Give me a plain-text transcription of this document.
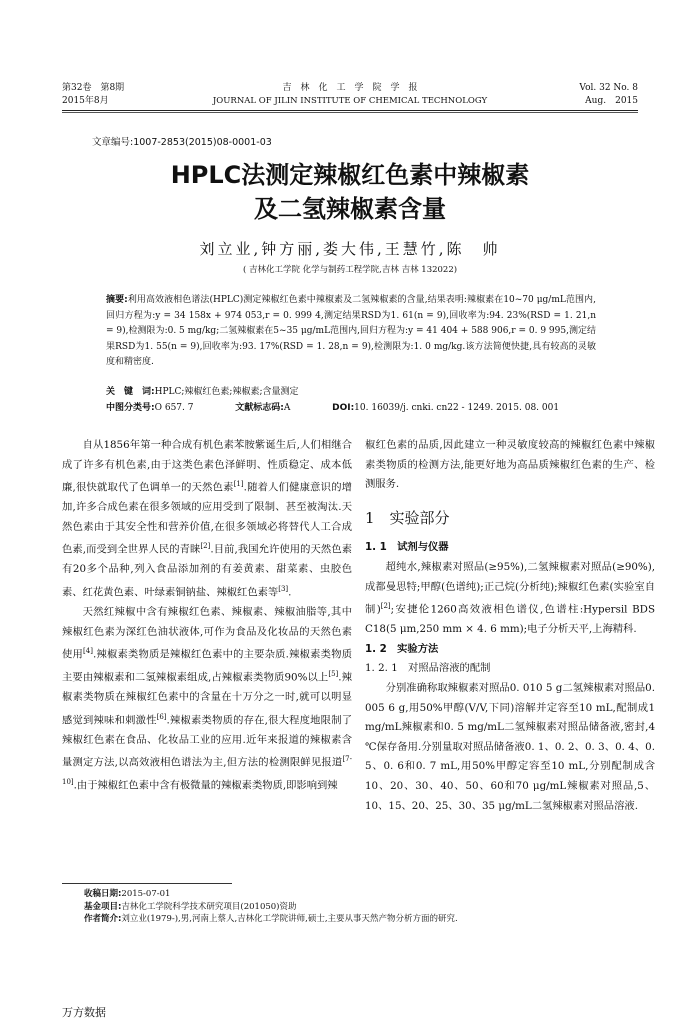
第32卷　第8期
2015年8月
吉　林　化　工　学　院　学　报
JOURNAL OF JILIN INSTITUTE OF CHEMICAL TECHNOLOGY
Vol. 32 No. 8
Aug.　2015
文章编号:1007-2853(2015)08-0001-03
HPLC法测定辣椒红色素中辣椒素
及二氢辣椒素含量
刘立业,钟方丽,娄大伟,王慧竹,陈　帅
( 吉林化工学院 化学与制药工程学院,吉林 吉林 132022)
摘要:利用高效液相色谱法(HPLC)测定辣椒红色素中辣椒素及二氢辣椒素的含量,结果表明:辣椒素在10~70 μg/mL范围内,回归方程为:y = 34 158x + 974 053,r = 0. 999 4,测定结果RSD为1. 61(n = 9),回收率为:94. 23%(RSD = 1. 21,n = 9),检测限为:0. 5 mg/kg;二氢辣椒素在5~35 μg/mL范围内,回归方程为:y = 41 404 + 588 906,r = 0. 9 995,测定结果RSD为1. 55(n = 9),回收率为:93. 17%(RSD = 1. 28,n = 9),检测限为:1. 0 mg/kg.该方法简便快捷,具有较高的灵敏度和精密度.
关　键　词:HPLC;辣椒红色素;辣椒素;含量测定
中图分类号:O 657. 7	文献标志码:A	DOI:10. 16039/j. cnki. cn22 - 1249. 2015. 08. 001

自从1856年第一种合成有机色素苯胺紫诞生后,人们相继合成了许多有机色素,由于这类色素色泽鲜明、性质稳定、成本低廉,很快就取代了色调单一的天然色素[1].随着人们健康意识的增加,许多合成色素在很多领域的应用受到了限制、甚至被淘汰.天然色素由于其安全性和营养价值,在很多领域必将替代人工合成色素,而受到全世界人民的青睐[2].目前,我国允许使用的天然色素有20多个品种,列入食品添加剂的有姜黄素、甜菜素、虫胶色素、红花黄色素、叶绿素铜钠盐、辣椒红色素等[3].

天然红辣椒中含有辣椒红色素、辣椒素、辣椒油脂等,其中辣椒红色素为深红色油状液体,可作为食品及化妆品的天然色素使用[4].辣椒素类物质是辣椒红色素中的主要杂质.辣椒素类物质主要由辣椒素和二氢辣椒素组成,占辣椒素类物质90%以上[5].辣椒素类物质在辣椒红色素中的含量在十万分之一时,就可以明显感觉到辣味和刺激性[6].辣椒素类物质的存在,很大程度地限制了辣椒红色素在食品、化妆品工业的应用.近年来报道的辣椒素含量测定方法,以高效液相色谱法为主,但方法的检测限鲜见报道[7-10].由于辣椒红色素中含有极微量的辣椒素类物质,即影响到辣

椒红色素的品质,因此建立一种灵敏度较高的辣椒红色素中辣椒素类物质的检测方法,能更好地为高品质辣椒红色素的生产、检测服务.
1　实验部分
1. 1　试剂与仪器

超纯水,辣椒素对照品(≥95%),二氢辣椒素对照品(≥90%),成都曼思特;甲醇(色谱纯);正己烷(分析纯);辣椒红色素(实验室自制)[2];安捷伦1260高效液相色谱仪,色谱柱:Hypersil BDS C18(5 μm,250 mm × 4. 6 mm);电子分析天平,上海精科.

1. 2　实验方法
1. 2. 1　对照品溶液的配制

分别准确称取辣椒素对照品0. 010 5 g二氢辣椒素对照品0. 005 6 g,用50%甲醇(V/V,下同)溶解并定容至10 mL,配制成1 mg/mL辣椒素和0. 5 mg/mL二氢辣椒素对照品储备液,密封,4 ℃保存备用.分别量取对照品储备液0. 1、0. 2、0. 3、0. 4、0. 5、0. 6和0. 7 mL,用50%甲醇定容至10 mL,分别配制成含10、20、30、40、50、60和70 μg/mL辣椒素对照品,5、10、15、20、25、30、35 μg/mL二氢辣椒素对照品溶液.

收稿日期:2015-07-01
基金项目:吉林化工学院科学技术研究项目(201050)资助
作者简介:刘立业(1979-),男,河南上蔡人,吉林化工学院讲师,硕士,主要从事天然产物分析方面的研究.
万方数据
